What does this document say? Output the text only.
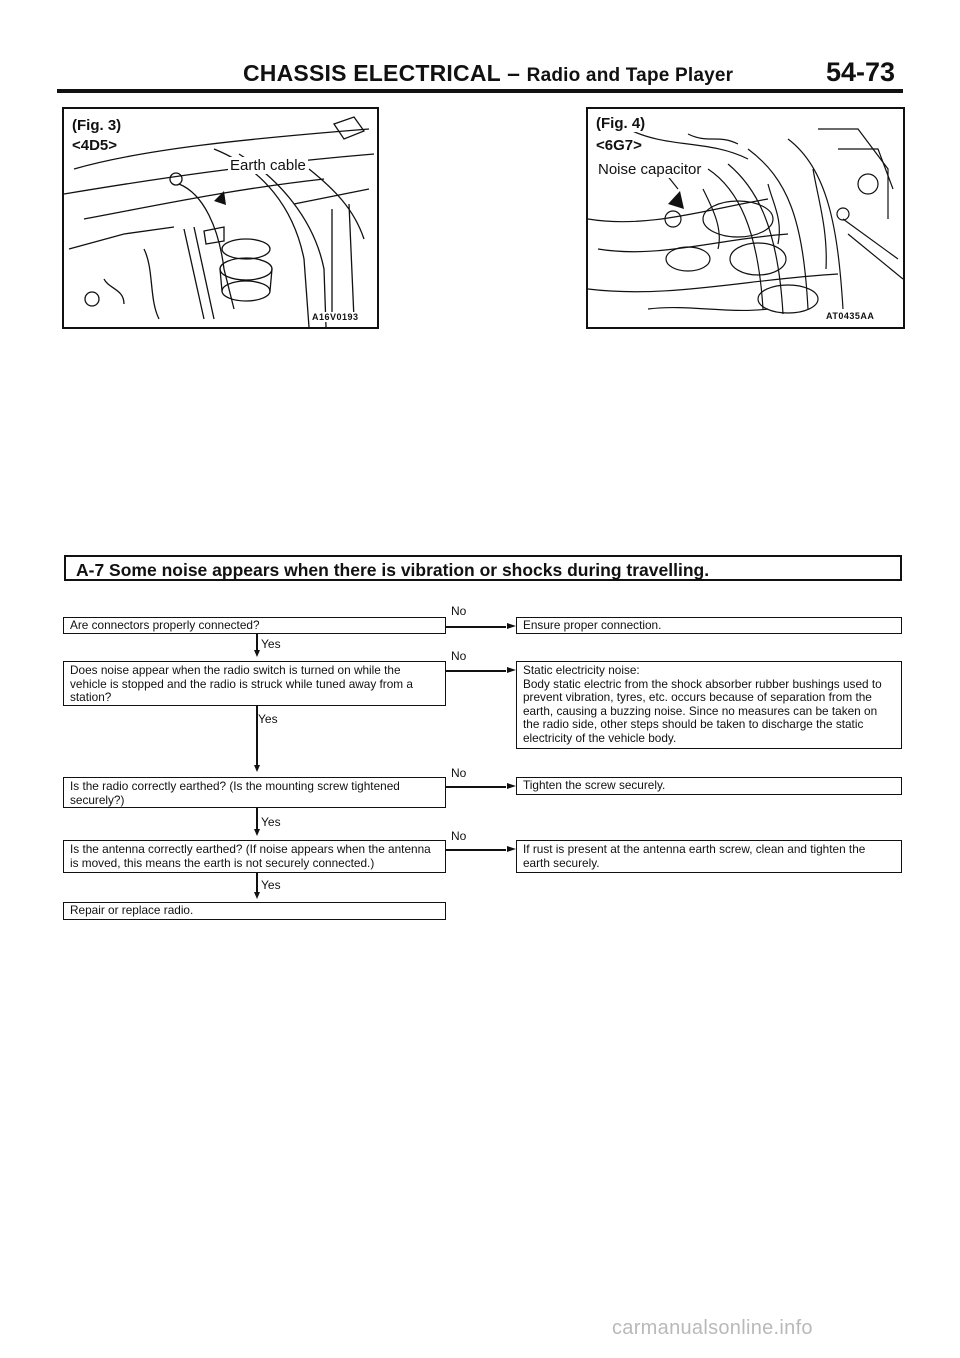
CHASSIS ELECTRICAL – Radio and Tape Player	54-73
(Fig. 3)
<4D5>
Earth cable
A16V0193
(Fig. 4)
<6G7>
Noise capacitor
AT0435AA
A-7 Some noise appears when there is vibration or shocks during travelling.
Are connectors properly connected?
No
Ensure proper connection.
Yes
Does noise appear when the radio switch is turned on while the vehicle is stopped and the radio is struck while tuned away from a station?
No
Static electricity noise:
Body static electric from the shock absorber rubber bushings used to prevent vibration, tyres, etc. occurs because of separation from the earth, causing a buzzing noise. Since no measures can be taken on the radio side, other steps should be taken to discharge the static electricity of the vehicle body.
Yes
Is the radio correctly earthed? (Is the mounting screw tightened securely?)
No
Tighten the screw securely.
Yes
Is the antenna correctly earthed? (If noise appears when the antenna is moved, this means the earth is not securely connected.)
No
If rust is present at the antenna earth screw, clean and tighten the earth securely.
Yes
Repair or replace radio.
carmanualsonline.info
